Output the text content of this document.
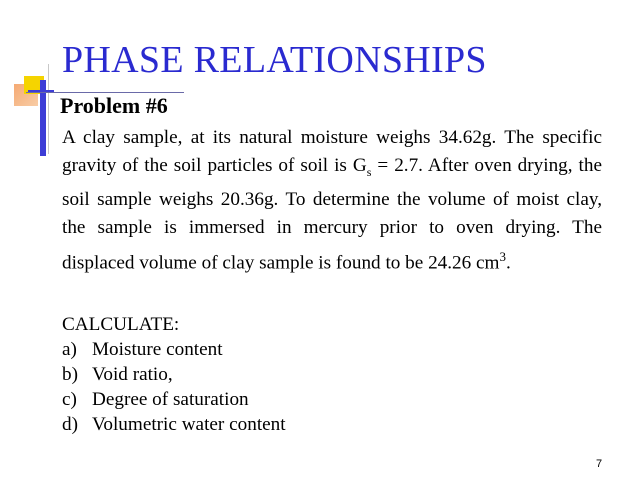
PHASE RELATIONSHIPS
Problem #6
A clay sample, at its natural moisture weighs 34.62g. The specific gravity of the soil particles of soil is $G_s = 2.7$. After oven drying, the soil sample weighs 20.36g. To determine the volume of moist clay, the sample is immersed in mercury prior to oven drying. The displaced volume of clay sample is found to be 24.26 $cm^3$.
CALCULATE:
a) Moisture content
b) Void ratio,
c) Degree of saturation
d) Volumetric water content
7
